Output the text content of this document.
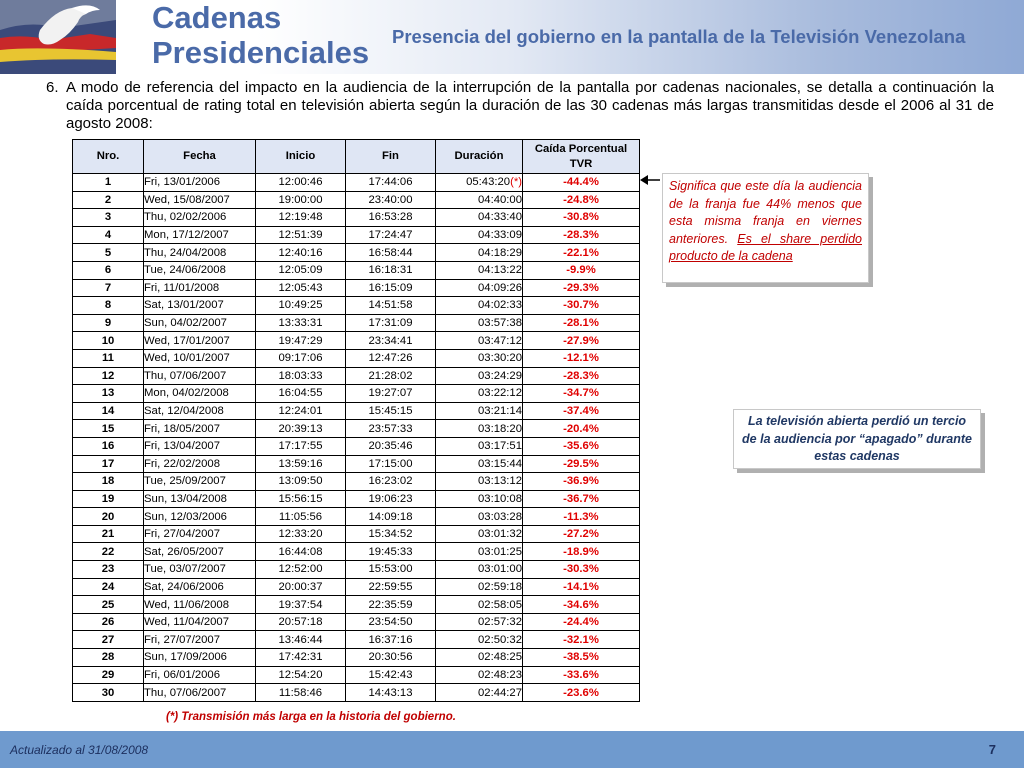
Cadenas Presidenciales	Presencia del gobierno en la pantalla de la Televisión Venezolana
6. A modo de referencia del impacto en la audiencia de la interrupción de la pantalla por cadenas nacionales, se detalla a continuación la caída porcentual de rating total en televisión abierta según la duración de las 30 cadenas más largas transmitidas desde el 2006 al 31 de agosto 2008:
Nro.	Fecha	Inicio	Fin	Duración	Caída Porcentual TVR
1	Fri, 13/01/2006	12:00:46	17:44:06	05:43:20(*)	-44.4%
2	Wed, 15/08/2007	19:00:00	23:40:00	04:40:00	-24.8%
3	Thu, 02/02/2006	12:19:48	16:53:28	04:33:40	-30.8%
4	Mon, 17/12/2007	12:51:39	17:24:47	04:33:09	-28.3%
5	Thu, 24/04/2008	12:40:16	16:58:44	04:18:29	-22.1%
6	Tue, 24/06/2008	12:05:09	16:18:31	04:13:22	-9.9%
7	Fri, 11/01/2008	12:05:43	16:15:09	04:09:26	-29.3%
8	Sat, 13/01/2007	10:49:25	14:51:58	04:02:33	-30.7%
9	Sun, 04/02/2007	13:33:31	17:31:09	03:57:38	-28.1%
10	Wed, 17/01/2007	19:47:29	23:34:41	03:47:12	-27.9%
11	Wed, 10/01/2007	09:17:06	12:47:26	03:30:20	-12.1%
12	Thu, 07/06/2007	18:03:33	21:28:02	03:24:29	-28.3%
13	Mon, 04/02/2008	16:04:55	19:27:07	03:22:12	-34.7%
14	Sat, 12/04/2008	12:24:01	15:45:15	03:21:14	-37.4%
15	Fri, 18/05/2007	20:39:13	23:57:33	03:18:20	-20.4%
16	Fri, 13/04/2007	17:17:55	20:35:46	03:17:51	-35.6%
17	Fri, 22/02/2008	13:59:16	17:15:00	03:15:44	-29.5%
18	Tue, 25/09/2007	13:09:50	16:23:02	03:13:12	-36.9%
19	Sun, 13/04/2008	15:56:15	19:06:23	03:10:08	-36.7%
20	Sun, 12/03/2006	11:05:56	14:09:18	03:03:28	-11.3%
21	Fri, 27/04/2007	12:33:20	15:34:52	03:01:32	-27.2%
22	Sat, 26/05/2007	16:44:08	19:45:33	03:01:25	-18.9%
23	Tue, 03/07/2007	12:52:00	15:53:00	03:01:00	-30.3%
24	Sat, 24/06/2006	20:00:37	22:59:55	02:59:18	-14.1%
25	Wed, 11/06/2008	19:37:54	22:35:59	02:58:05	-34.6%
26	Wed, 11/04/2007	20:57:18	23:54:50	02:57:32	-24.4%
27	Fri, 27/07/2007	13:46:44	16:37:16	02:50:32	-32.1%
28	Sun, 17/09/2006	17:42:31	20:30:56	02:48:25	-38.5%
29	Fri, 06/01/2006	12:54:20	15:42:43	02:48:23	-33.6%
30	Thu, 07/06/2007	11:58:46	14:43:13	02:44:27	-23.6%
(*) Transmisión más larga en la historia del gobierno.
Significa que este día la audiencia de la franja fue 44% menos que esta misma franja en viernes anteriores. Es el share perdido producto de la cadena
La televisión abierta perdió un tercio de la audiencia por “apagado” durante estas cadenas
Actualizado al 31/08/2008	7
